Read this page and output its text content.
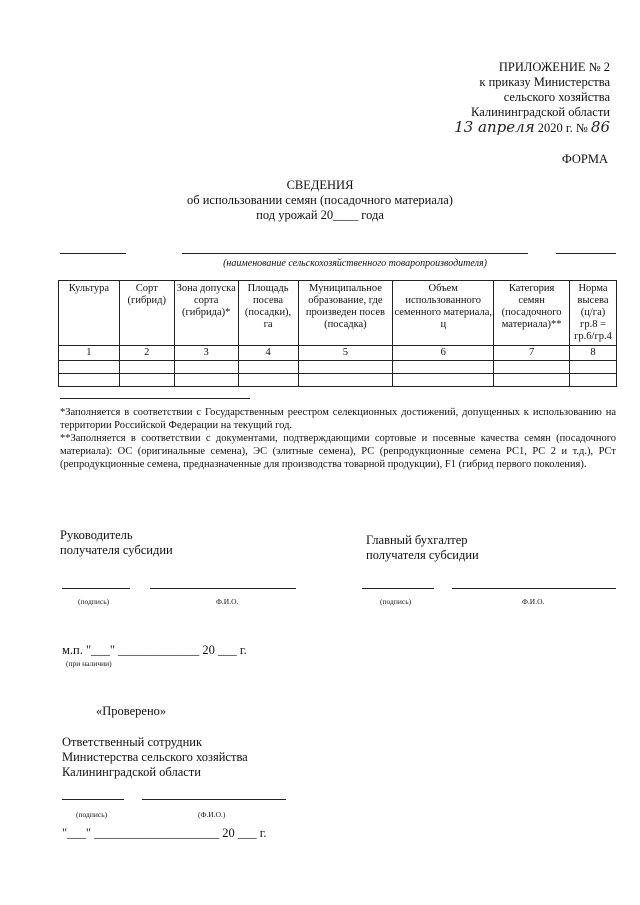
ПРИЛОЖЕНИЕ № 2
к приказу Министерства
сельского хозяйства
Калининградской области
13 апреля 2020 г. № 86
ФОРМА
СВЕДЕНИЯ
об использовании семян (посадочного материала)
под урожай 20____ года
(наименование сельскохозяйственного товаропроизводителя)
Культура	Сорт (гибрид)	Зона допуска сорта (гибрида)*	Площадь посева (посадки), га	Муниципальное образование, где произведен посев (посадка)	Объем использованного семенного материала, ц	Категория семян (посадочного материала)**	Норма высева (ц/га) гр.8 = гр.6/гр.4
1	2	3	4	5	6	7	8

*Заполняется в соответствии с Государственным реестром селекционных достижений, допущенных к использованию на территории Российской Федерации на текущий год.
**Заполняется в соответствии с документами, подтверждающими сортовые и посевные качества семян (посадочного материала): ОС (оригинальные семена), ЭС (элитные семена), РС (репродукционные семена РС1, РС 2 и т.д.), РСт (репродукционные семена, предназначенные для производства товарной продукции), F1 (гибрид первого поколения).
Руководитель
получателя субсидии
Главный бухгалтер
получателя субсидии
(подпись)	Ф.И.О.	(подпись)	Ф.И.О.
м.п. "___" _____________ 20 ___ г.
(при наличии)
«Проверено»
Ответственный сотрудник
Министерства сельского хозяйства
Калининградской области
(подпись)	(Ф.И.О.)
"___" ____________________ 20 ___ г.
